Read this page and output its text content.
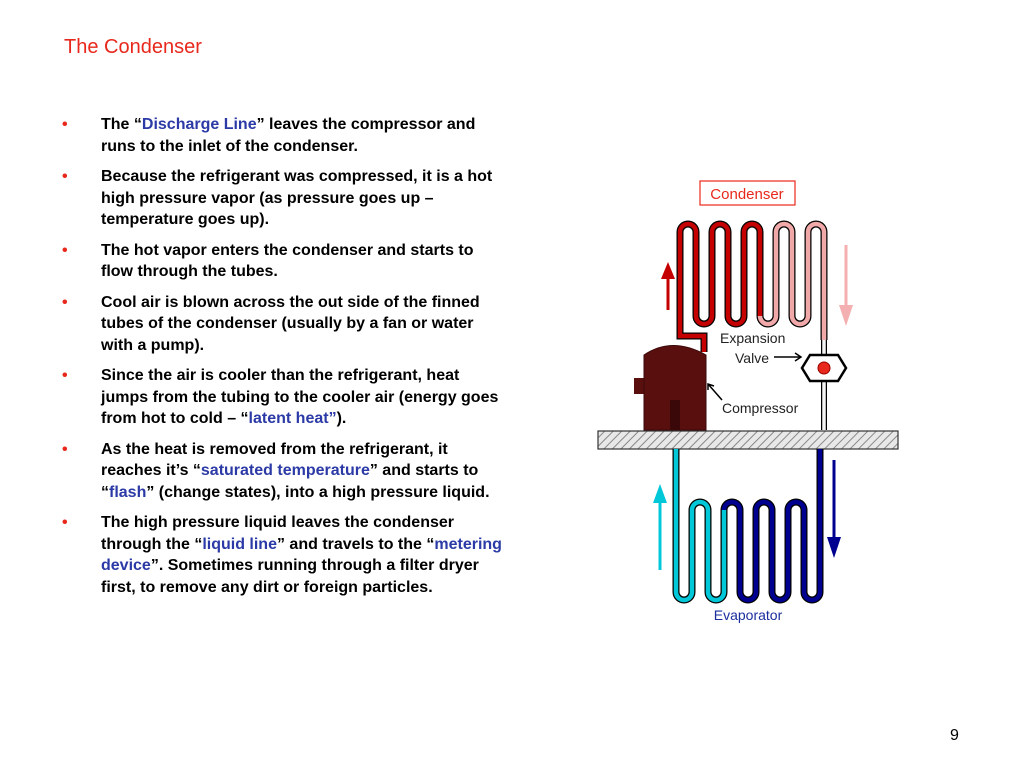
The Condenser
• The “Discharge Line” leaves the compressor and runs to the inlet of the condenser.
• Because the refrigerant was compressed, it is a hot high pressure vapor (as pressure goes up – temperature goes up).
• The hot vapor enters the condenser and starts to flow through the tubes.
• Cool air is blown across the out side of the finned tubes of the condenser (usually by a fan or water with a pump).
• Since the air is cooler than the refrigerant, heat jumps from the tubing to the cooler air (energy goes from hot to cold – “latent heat”).
• As the heat is removed from the refrigerant, it reaches it’s “saturated temperature” and starts to “flash” (change states), into a high pressure liquid.
• The high pressure liquid leaves the condenser through the “liquid line” and travels to the “metering device”. Sometimes running through a filter dryer first, to remove any dirt or foreign particles.
Condenser
Expansion
Valve
Compressor
Evaporator
9
